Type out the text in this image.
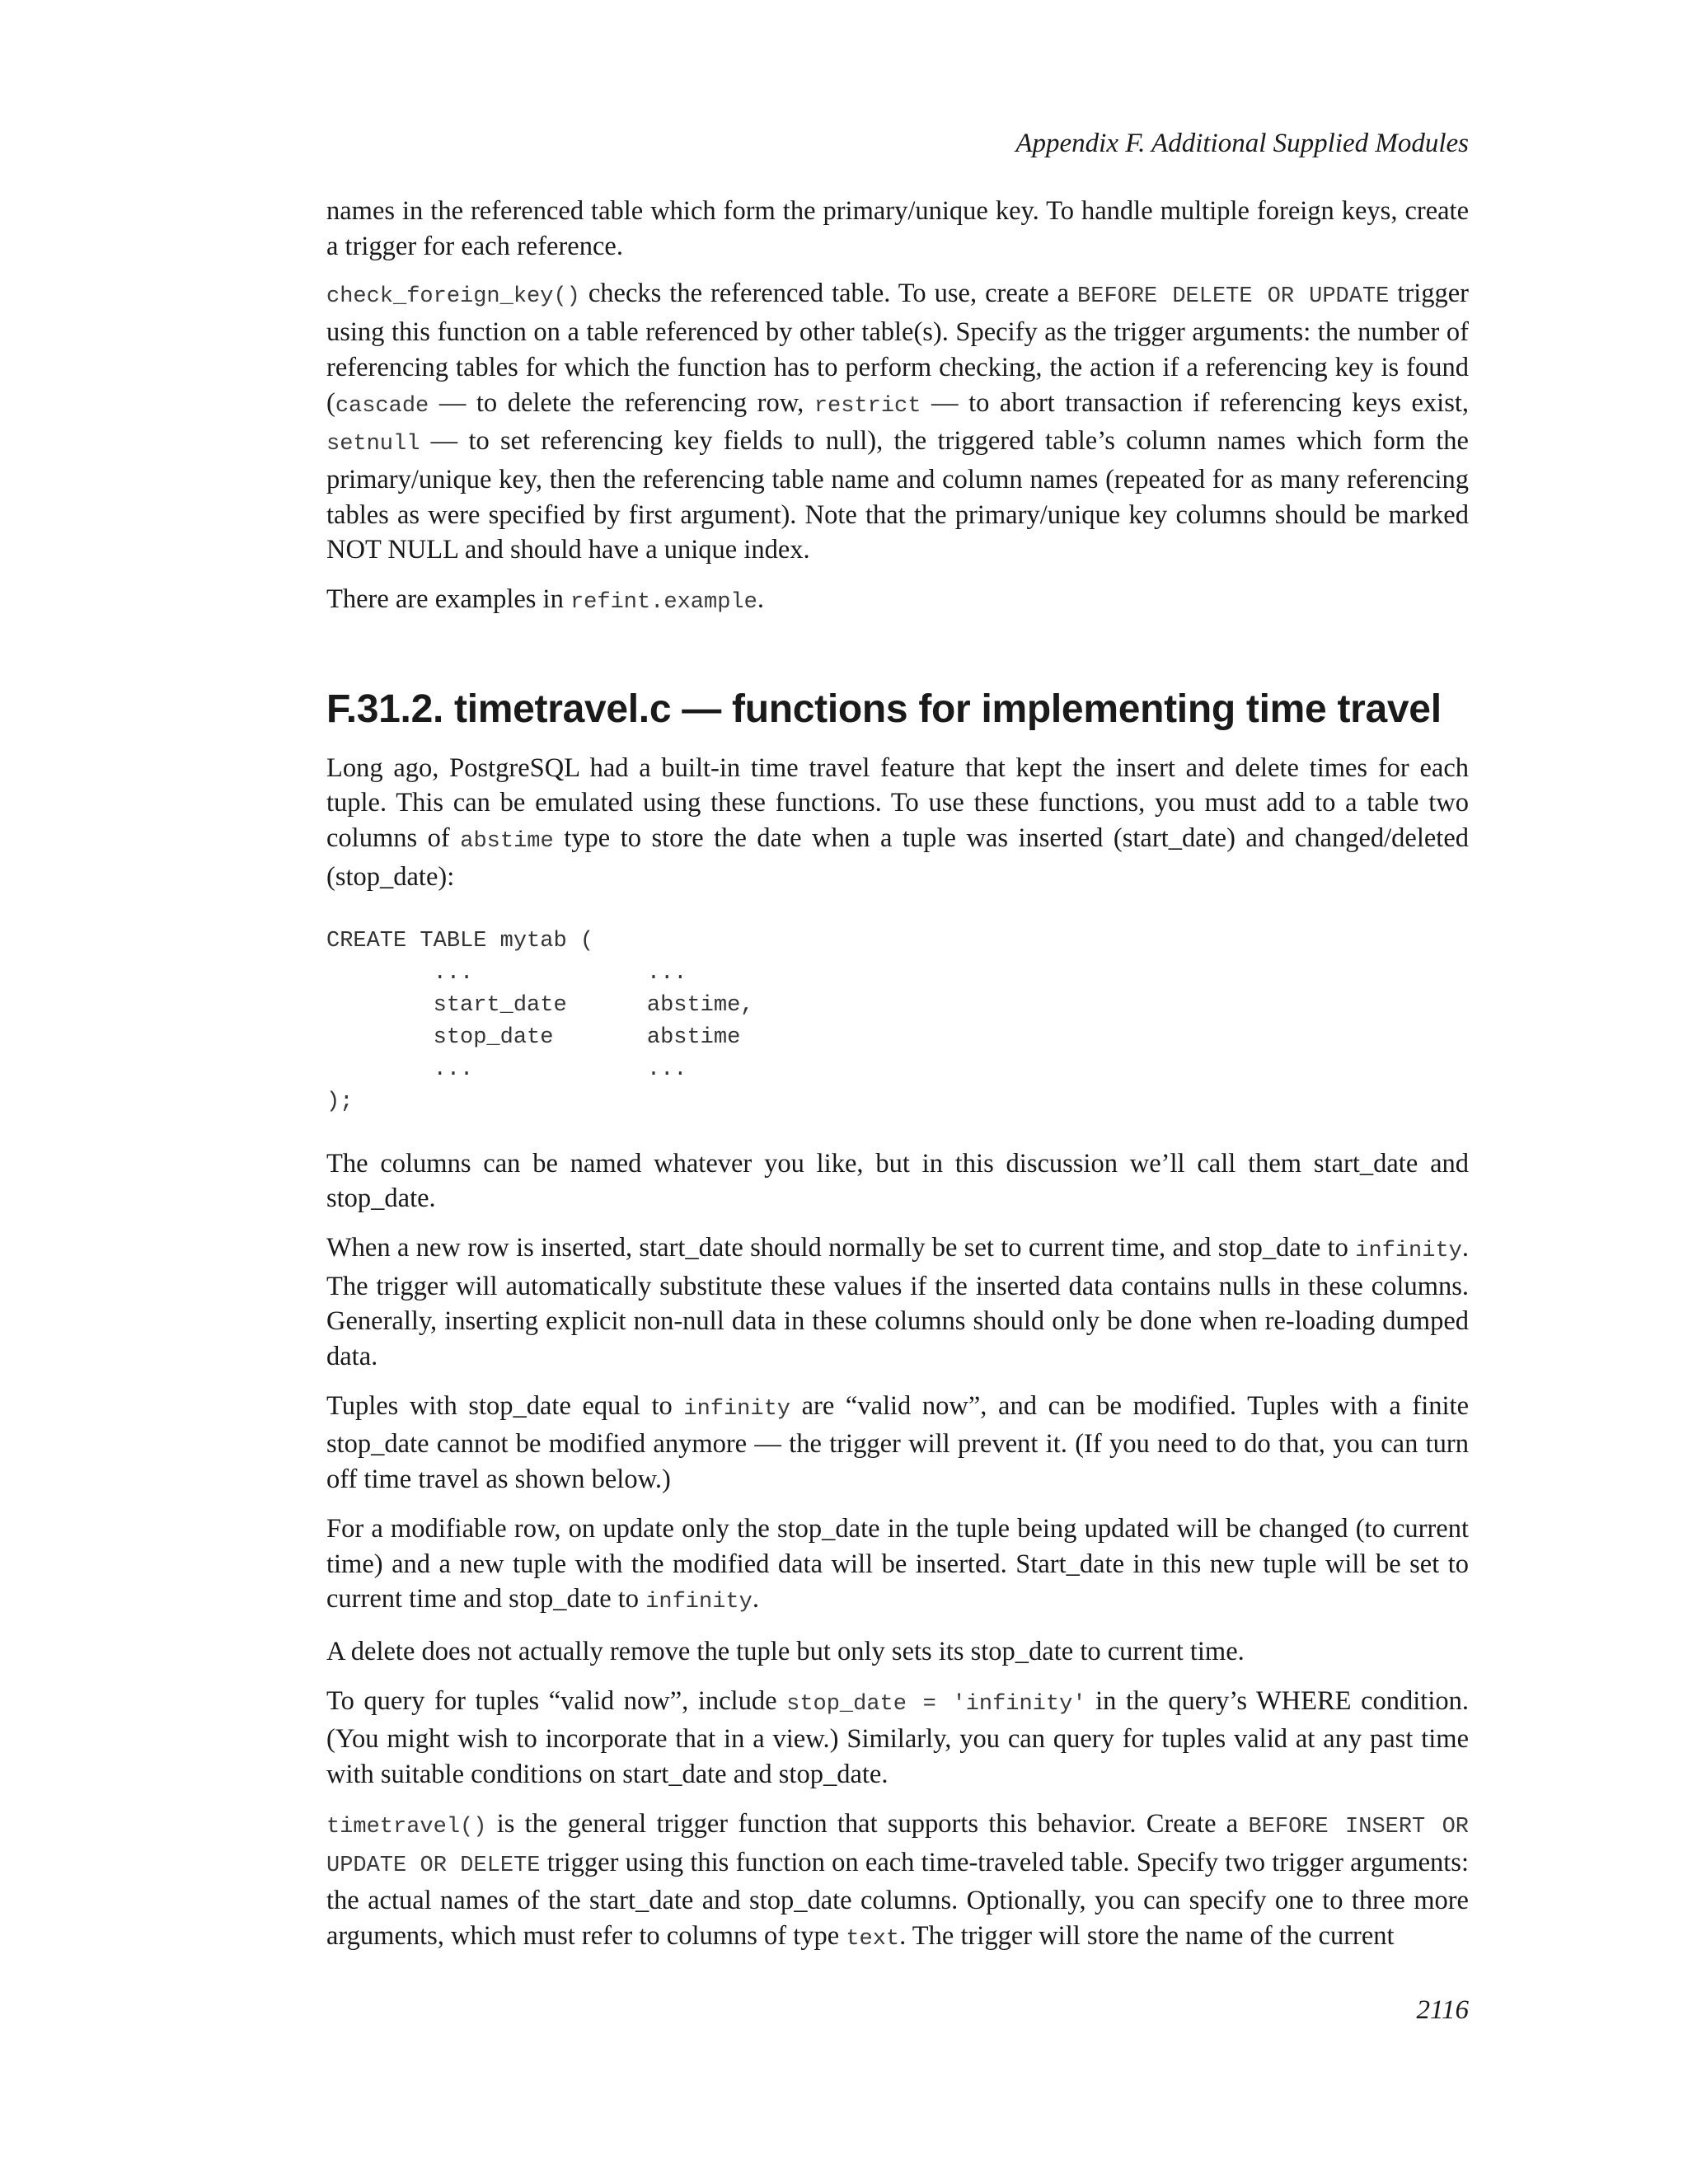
Appendix F. Additional Supplied Modules

names in the referenced table which form the primary/unique key. To handle multiple foreign keys, create a trigger for each reference.

check_foreign_key() checks the referenced table. To use, create a BEFORE DELETE OR UPDATE trigger using this function on a table referenced by other table(s). Specify as the trigger arguments: the number of referencing tables for which the function has to perform checking, the action if a referencing key is found (cascade — to delete the referencing row, restrict — to abort transaction if referencing keys exist, setnull — to set referencing key fields to null), the triggered table’s column names which form the primary/unique key, then the referencing table name and column names (repeated for as many referencing tables as were specified by first argument). Note that the primary/unique key columns should be marked NOT NULL and should have a unique index.

There are examples in refint.example.

F.31.2. timetravel.c — functions for implementing time travel

Long ago, PostgreSQL had a built-in time travel feature that kept the insert and delete times for each tuple. This can be emulated using these functions. To use these functions, you must add to a table two columns of abstime type to store the date when a tuple was inserted (start_date) and changed/deleted (stop_date):

CREATE TABLE mytab (
...             ...
start_date      abstime,
stop_date       abstime
...             ...
);

The columns can be named whatever you like, but in this discussion we’ll call them start_date and stop_date.

When a new row is inserted, start_date should normally be set to current time, and stop_date to infinity. The trigger will automatically substitute these values if the inserted data contains nulls in these columns. Generally, inserting explicit non-null data in these columns should only be done when re-loading dumped data.

Tuples with stop_date equal to infinity are “valid now”, and can be modified. Tuples with a finite stop_date cannot be modified anymore — the trigger will prevent it. (If you need to do that, you can turn off time travel as shown below.)

For a modifiable row, on update only the stop_date in the tuple being updated will be changed (to current time) and a new tuple with the modified data will be inserted. Start_date in this new tuple will be set to current time and stop_date to infinity.

A delete does not actually remove the tuple but only sets its stop_date to current time.

To query for tuples “valid now”, include stop_date = 'infinity' in the query’s WHERE condition. (You might wish to incorporate that in a view.) Similarly, you can query for tuples valid at any past time with suitable conditions on start_date and stop_date.

timetravel() is the general trigger function that supports this behavior. Create a BEFORE INSERT OR UPDATE OR DELETE trigger using this function on each time-traveled table. Specify two trigger arguments: the actual names of the start_date and stop_date columns. Optionally, you can specify one to three more arguments, which must refer to columns of type text. The trigger will store the name of the current

2116
